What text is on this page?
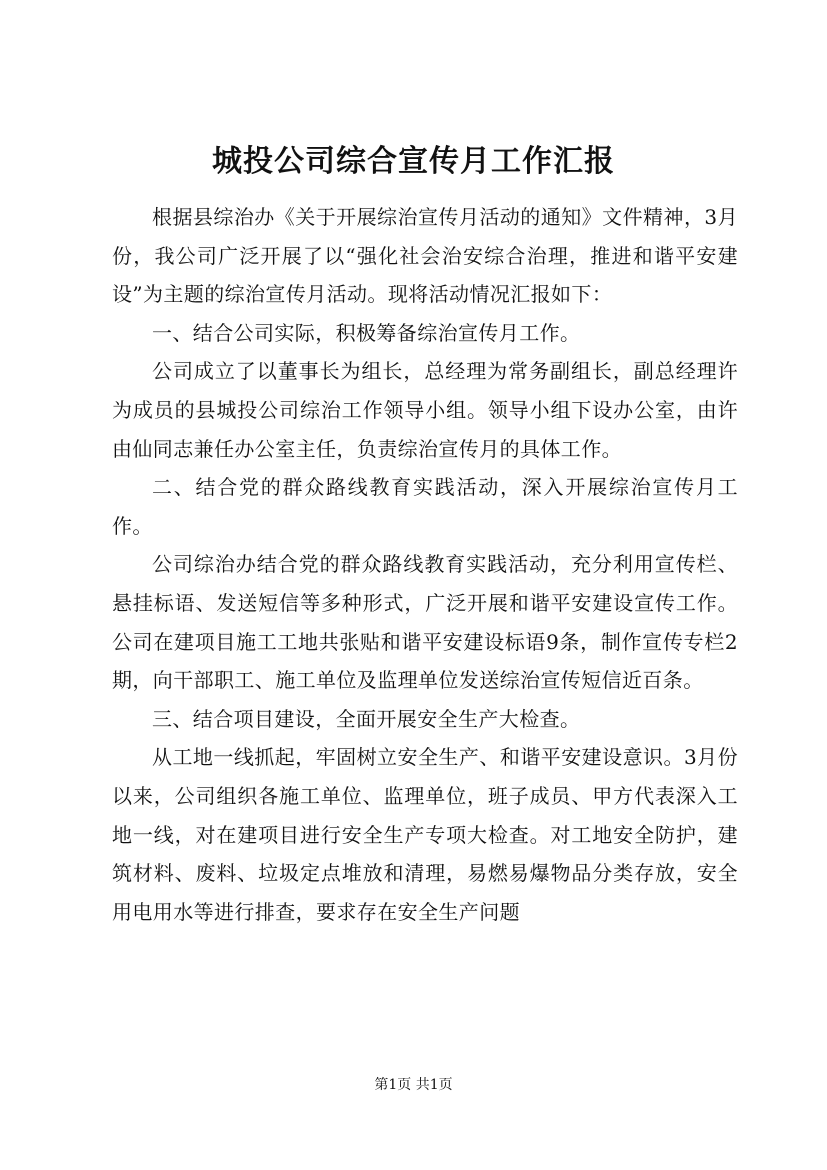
城投公司综合宣传月工作汇报

根据县综治办《关于开展综治宣传月活动的通知》文件精神，3月份，我公司广泛开展了以“强化社会治安综合治理，推进和谐平安建设”为主题的综治宣传月活动。现将活动情况汇报如下：

一、结合公司实际，积极筹备综治宣传月工作。

公司成立了以董事长为组长，总经理为常务副组长，副总经理许为成员的县城投公司综治工作领导小组。领导小组下设办公室，由许由仙同志兼任办公室主任，负责综治宣传月的具体工作。

二、结合党的群众路线教育实践活动，深入开展综治宣传月工作。

公司综治办结合党的群众路线教育实践活动，充分利用宣传栏、悬挂标语、发送短信等多种形式，广泛开展和谐平安建设宣传工作。公司在建项目施工工地共张贴和谐平安建设标语9条，制作宣传专栏2期，向干部职工、施工单位及监理单位发送综治宣传短信近百条。

三、结合项目建设，全面开展安全生产大检查。

从工地一线抓起，牢固树立安全生产、和谐平安建设意识。3月份以来，公司组织各施工单位、监理单位，班子成员、甲方代表深入工地一线，对在建项目进行安全生产专项大检查。对工地安全防护，建筑材料、废料、垃圾定点堆放和清理，易燃易爆物品分类存放，安全用电用水等进行排查，要求存在安全生产问题

第1页 共1页
